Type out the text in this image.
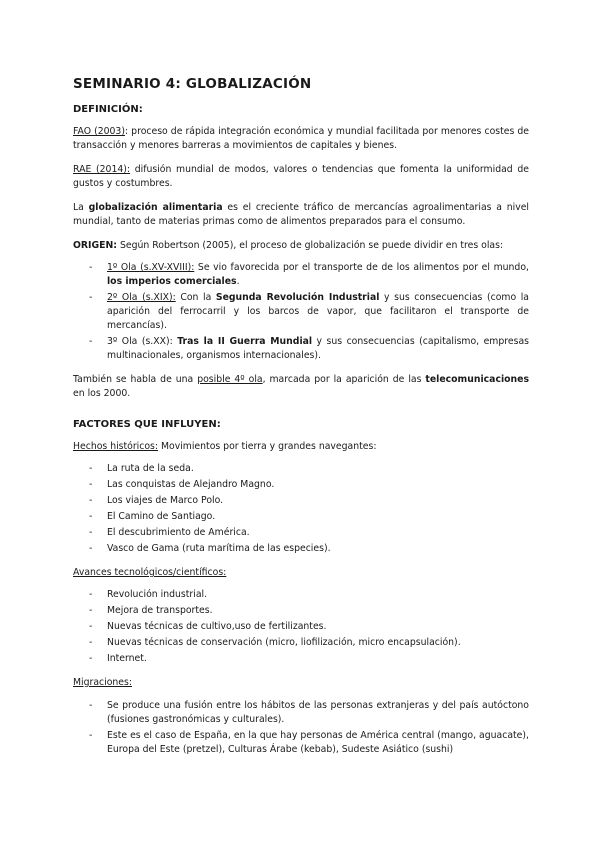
SEMINARIO 4: GLOBALIZACIÓN
DEFINICIÓN:

FAO (2003): proceso de rápida integración económica y mundial facilitada por menores costes de transacción y menores barreras a movimientos de capitales y bienes.

RAE (2014): difusión mundial de modos, valores o tendencias que fomenta la uniformidad de gustos y costumbres.

La globalización alimentaria es el creciente tráfico de mercancías agroalimentarias a nivel mundial, tanto de materias primas como de alimentos preparados para el consumo.

ORIGEN: Según Robertson (2005), el proceso de globalización se puede dividir en tres olas:

- 1º Ola (s.XV-XVIII): Se vio favorecida por el transporte de de los alimentos por el mundo, los imperios comerciales.
- 2º Ola (s.XIX): Con la Segunda Revolución Industrial y sus consecuencias (como la aparición del ferrocarril y los barcos de vapor, que facilitaron el transporte de mercancías).
- 3º Ola (s.XX): Tras la II Guerra Mundial y sus consecuencias (capitalismo, empresas multinacionales, organismos internacionales).

También se habla de una posible 4º ola, marcada por la aparición de las telecomunicaciones en los 2000.

FACTORES QUE INFLUYEN:
Hechos históricos: Movimientos por tierra y grandes navegantes:
- La ruta de la seda.
- Las conquistas de Alejandro Magno.
- Los viajes de Marco Polo.
- El Camino de Santiago.
- El descubrimiento de América.
- Vasco de Gama (ruta marítima de las especies).
Avances tecnológicos/científicos:
- Revolución industrial.
- Mejora de transportes.
- Nuevas técnicas de cultivo,uso de fertilizantes.
- Nuevas técnicas de conservación (micro, liofilización, micro encapsulación).
- Internet.
Migraciones:
- Se produce una fusión entre los hábitos de las personas extranjeras y del país autóctono (fusiones gastronómicas y culturales).
- Este es el caso de España, en la que hay personas de América central (mango, aguacate), Europa del Este (pretzel), Culturas Árabe (kebab), Sudeste Asiático (sushi)
